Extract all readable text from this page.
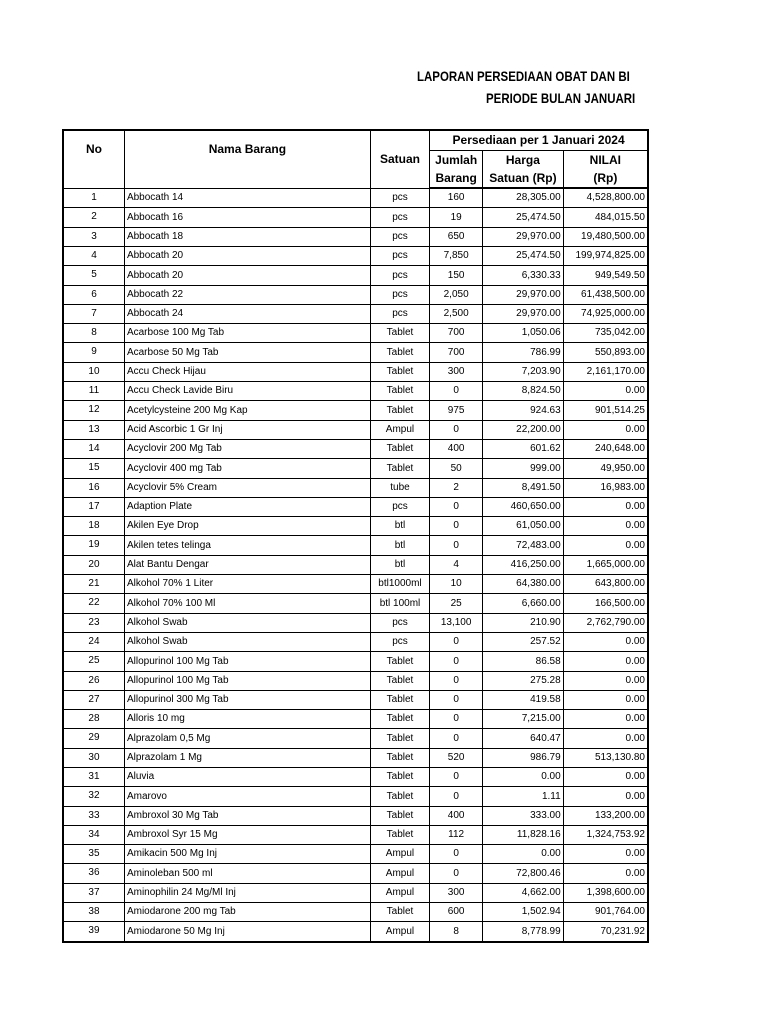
LAPORAN PERSEDIAAN OBAT DAN BI
PERIODE BULAN JANUARI
No	Nama Barang	Satuan	Persediaan per 1 Januari 2024		
			Jumlah	Harga	NILAI
			Barang	Satuan (Rp)	(Rp)
1	Abbocath 14	pcs	160	28,305.00	4,528,800.00
2	Abbocath 16	pcs	19	25,474.50	484,015.50
3	Abbocath 18	pcs	650	29,970.00	19,480,500.00
4	Abbocath 20	pcs	7,850	25,474.50	199,974,825.00
5	Abbocath 20	pcs	150	6,330.33	949,549.50
6	Abbocath 22	pcs	2,050	29,970.00	61,438,500.00
7	Abbocath 24	pcs	2,500	29,970.00	74,925,000.00
8	Acarbose 100 Mg Tab	Tablet	700	1,050.06	735,042.00
9	Acarbose 50 Mg Tab	Tablet	700	786.99	550,893.00
10	Accu Check Hijau	Tablet	300	7,203.90	2,161,170.00
11	Accu Check Lavide Biru	Tablet	0	8,824.50	0.00
12	Acetylcysteine 200 Mg Kap	Tablet	975	924.63	901,514.25
13	Acid Ascorbic 1 Gr Inj	Ampul	0	22,200.00	0.00
14	Acyclovir 200 Mg Tab	Tablet	400	601.62	240,648.00
15	Acyclovir 400 mg Tab	Tablet	50	999.00	49,950.00
16	Acyclovir 5% Cream	tube	2	8,491.50	16,983.00
17	Adaption Plate	pcs	0	460,650.00	0.00
18	Akilen Eye Drop	btl	0	61,050.00	0.00
19	Akilen tetes telinga	btl	0	72,483.00	0.00
20	Alat Bantu Dengar	btl	4	416,250.00	1,665,000.00
21	Alkohol 70% 1 Liter	btl1000ml	10	64,380.00	643,800.00
22	Alkohol 70% 100 Ml	btl 100ml	25	6,660.00	166,500.00
23	Alkohol Swab	pcs	13,100	210.90	2,762,790.00
24	Alkohol Swab	pcs	0	257.52	0.00
25	Allopurinol 100 Mg Tab	Tablet	0	86.58	0.00
26	Allopurinol 100 Mg Tab	Tablet	0	275.28	0.00
27	Allopurinol 300 Mg Tab	Tablet	0	419.58	0.00
28	Alloris 10 mg	Tablet	0	7,215.00	0.00
29	Alprazolam 0,5 Mg	Tablet	0	640.47	0.00
30	Alprazolam 1 Mg	Tablet	520	986.79	513,130.80
31	Aluvia	Tablet	0	0.00	0.00
32	Amarovo	Tablet	0	1.11	0.00
33	Ambroxol 30 Mg Tab	Tablet	400	333.00	133,200.00
34	Ambroxol Syr 15 Mg	Tablet	112	11,828.16	1,324,753.92
35	Amikacin 500 Mg Inj	Ampul	0	0.00	0.00
36	Aminoleban 500 ml	Ampul	0	72,800.46	0.00
37	Aminophilin 24 Mg/Ml Inj	Ampul	300	4,662.00	1,398,600.00
38	Amiodarone 200 mg Tab	Tablet	600	1,502.94	901,764.00
39	Amiodarone 50 Mg Inj	Ampul	8	8,778.99	70,231.92
